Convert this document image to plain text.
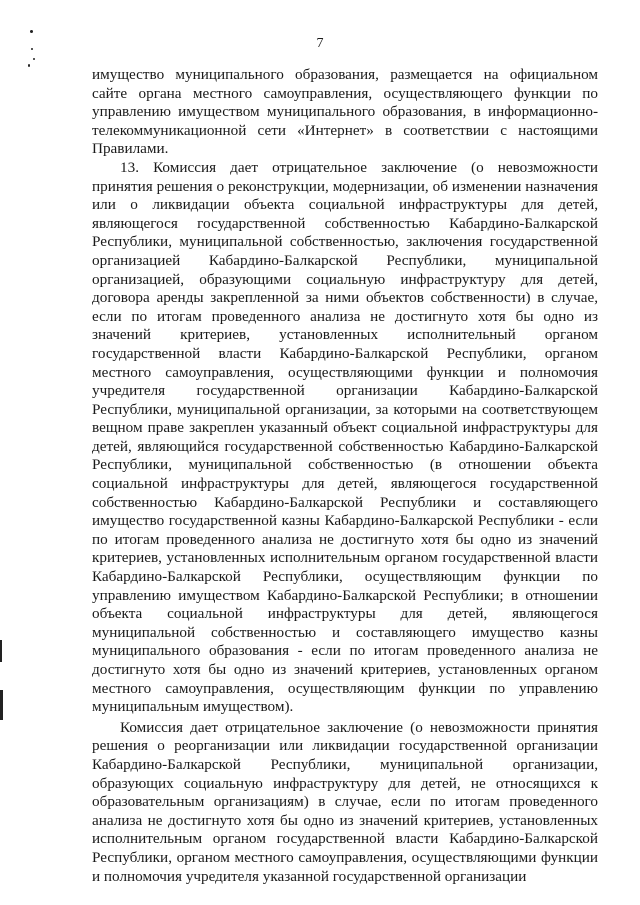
7

имущество муниципального образования, размещается на официальном сайте органа местного самоуправления, осуществляющего функции по управлению имуществом муниципального образования, в информационно-телекоммуникационной сети «Интернет» в соответствии с настоящими Правилами.

13. Комиссия дает отрицательное заключение (о невозможности принятия решения о реконструкции, модернизации, об изменении назначения или о ликвидации объекта социальной инфраструктуры для детей, являющегося государственной собственностью Кабардино-Балкарской Республики, муниципальной собственностью, заключения государственной организацией Кабардино-Балкарской Республики, муниципальной организацией, образующими социальную инфраструктуру для детей, договора аренды закрепленной за ними объектов собственности) в случае, если по итогам проведенного анализа не достигнуто хотя бы одно из значений критериев, установленных исполнительный органом государственной власти Кабардино-Балкарской Республики, органом местного самоуправления, осуществляющими функции и полномочия учредителя государственной организации Кабардино-Балкарской Республики, муниципальной организации, за которыми на соответствующем вещном праве закреплен указанный объект социальной инфраструктуры для детей, являющийся государственной собственностью Кабардино-Балкарской Республики, муниципальной собственностью (в отношении объекта социальной инфраструктуры для детей, являющегося государственной собственностью Кабардино-Балкарской Республики и составляющего имущество государственной казны Кабардино-Балкарской Республики - если по итогам проведенного анализа не достигнуто хотя бы одно из значений критериев, установленных исполнительным органом государственной власти Кабардино-Балкарской Республики, осуществляющим функции по управлению имуществом Кабардино-Балкарской Республики; в отношении объекта социальной инфраструктуры для детей, являющегося муниципальной собственностью и составляющего имущество казны муниципального образования - если по итогам проведенного анализа не достигнуто хотя бы одно из значений критериев, установленных органом местного самоуправления, осуществляющим функции по управлению муниципальным имуществом).

Комиссия дает отрицательное заключение (о невозможности принятия решения о реорганизации или ликвидации государственной организации Кабардино-Балкарской Республики, муниципальной организации, образующих социальную инфраструктуру для детей, не относящихся к образовательным организациям) в случае, если по итогам проведенного анализа не достигнуто хотя бы одно из значений критериев, установленных исполнительным органом государственной власти Кабардино-Балкарской Республики, органом местного самоуправления, осуществляющими функции и полномочия учредителя указанной государственной организации
